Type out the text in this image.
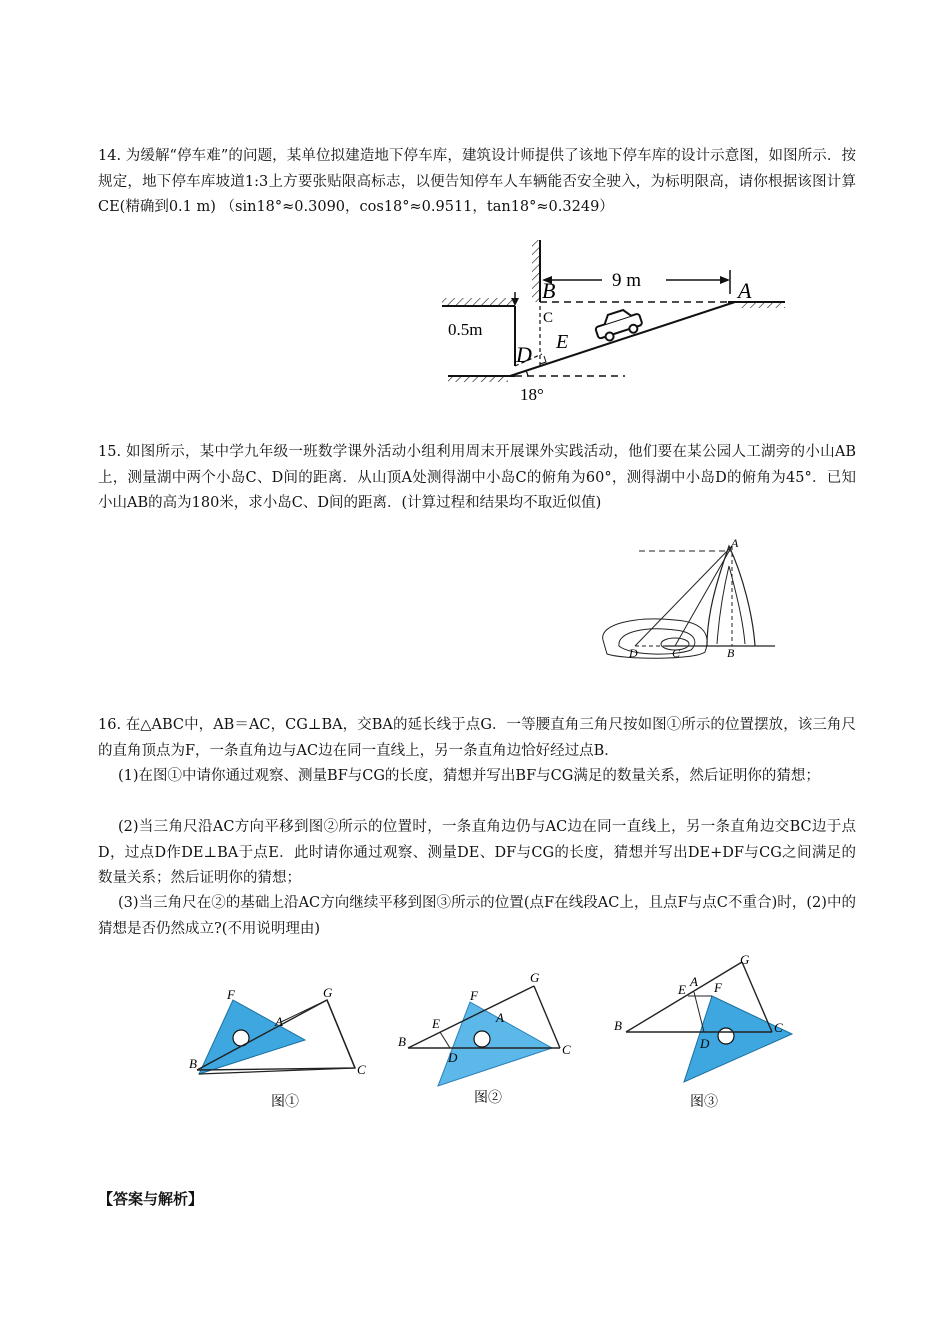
14. 为缓解“停车难”的问题，某单位拟建造地下停车库，建筑设计师提供了该地下停车库的设计示意图，如图所示．按规定，地下停车库坡道1:3上方要张贴限高标志，以便告知停车人车辆能否安全驶入，为标明限高，请你根据该图计算CE(精确到0.1 m) （sin18°≈0.3090，cos18°≈0.9511，tan18°≈0.3249）

9 m
0.5m
18°
B
C
A
D E

15. 如图所示，某中学九年级一班数学课外活动小组利用周末开展课外实践活动，他们要在某公园人工湖旁的小山AB上，测量湖中两个小岛C、D间的距离．从山顶A处测得湖中小岛C的俯角为60°，测得湖中小岛D的俯角为45°．已知小山AB的高为180米，求小岛C、D间的距离．(计算过程和结果均不取近似值)

A
B
C
D

16. 在△ABC中，AB＝AC，CG⊥BA，交BA的延长线于点G．一等腰直角三角尺按如图①所示的位置摆放，该三角尺的直角顶点为F，一条直角边与AC边在同一直线上，另一条直角边恰好经过点B．

(1)在图①中请你通过观察、测量BF与CG的长度，猜想并写出BF与CG满足的数量关系，然后证明你的猜想；

(2)当三角尺沿AC方向平移到图②所示的位置时，一条直角边仍与AC边在同一直线上，另一条直角边交BC边于点D，过点D作DE⊥BA于点E．此时请你通过观察、测量DE、DF与CG的长度，猜想并写出DE+DF与CG之间满足的数量关系；然后证明你的猜想；

(3)当三角尺在②的基础上沿AC方向继续平移到图③所示的位置(点F在线段AC上，且点F与点C不重合)时，(2)中的猜想是否仍然成立?(不用说明理由)

F	G
A
B	C
图①
F
G
A
E
B
D
C
图②
F
G
A
E
B
D
C
图③

【答案与解析】
